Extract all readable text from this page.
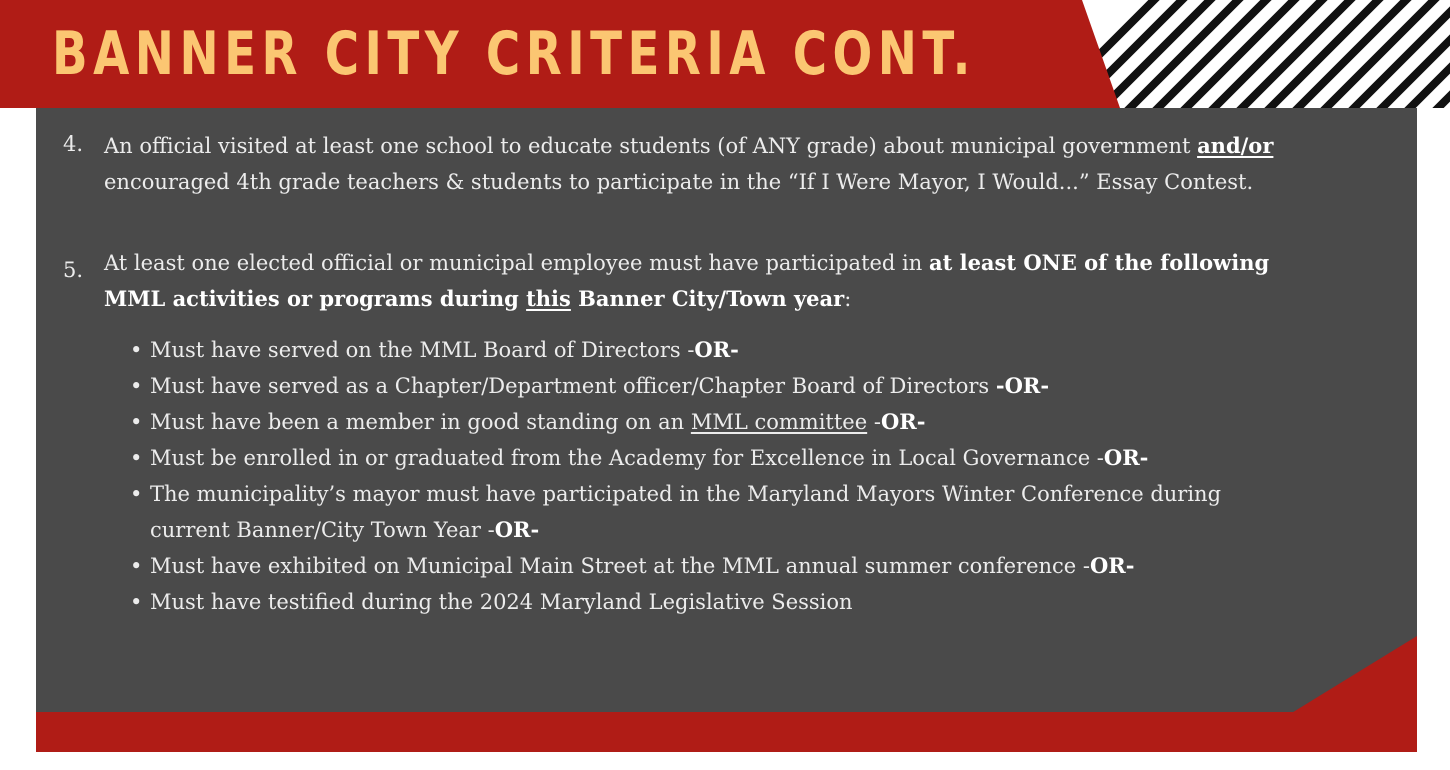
BANNER CITY CRITERIA CONT.
4. An official visited at least one school to educate students (of ANY grade) about municipal government and/or
encouraged 4th grade teachers & students to participate in the “If I Were Mayor, I Would...” Essay Contest.
5. At least one elected official or municipal employee must have participated in at least ONE of the following
MML activities or programs during this Banner City/Town year:
• Must have served on the MML Board of Directors -OR-
• Must have served as a Chapter/Department officer/Chapter Board of Directors -OR-
• Must have been a member in good standing on an MML committee -OR-
• Must be enrolled in or graduated from the Academy for Excellence in Local Governance -OR-
• The municipality’s mayor must have participated in the Maryland Mayors Winter Conference during
current Banner/City Town Year -OR-
• Must have exhibited on Municipal Main Street at the MML annual summer conference -OR-
• Must have testified during the 2024 Maryland Legislative Session
